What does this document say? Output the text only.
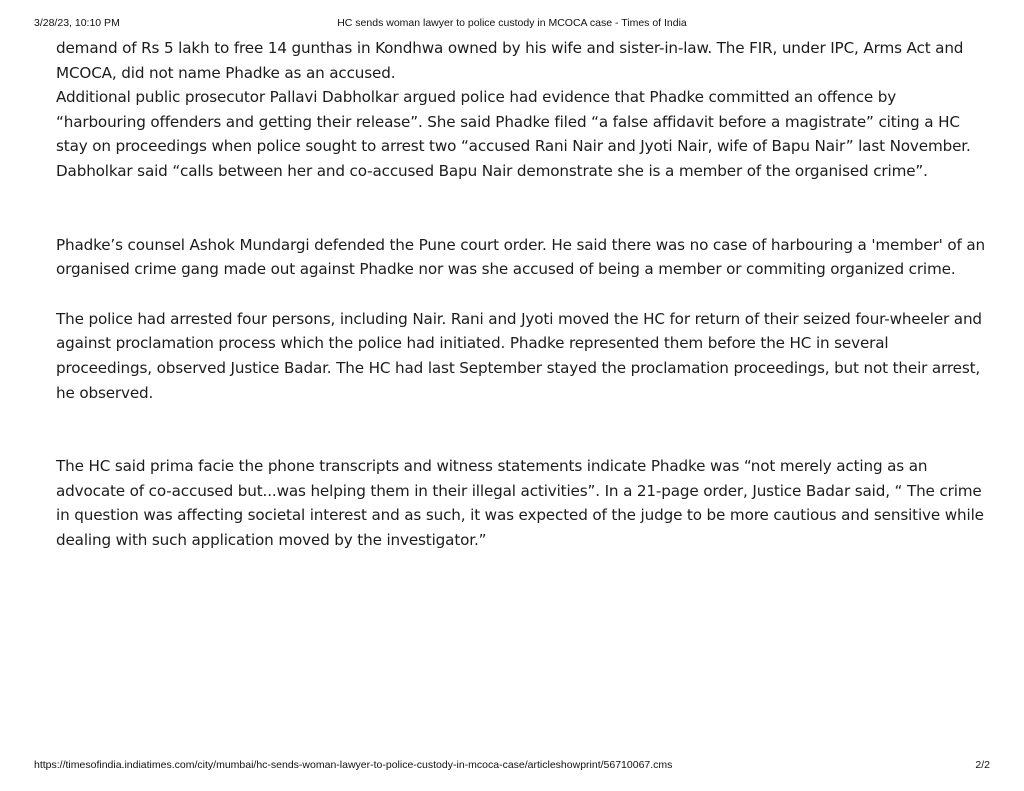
3/28/23, 10:10 PM	HC sends woman lawyer to police custody in MCOCA case - Times of India

demand of Rs 5 lakh to free 14 gunthas in Kondhwa owned by his wife and sister-in-law. The FIR, under IPC, Arms Act and MCOCA, did not name Phadke as an accused.

Additional public prosecutor Pallavi Dabholkar argued police had evidence that Phadke committed an offence by “harbouring offenders and getting their release”. She said Phadke filed “a false affidavit before a magistrate” citing a HC stay on proceedings when police sought to arrest two “accused Rani Nair and Jyoti Nair, wife of Bapu Nair” last November. Dabholkar said “calls between her and co-accused Bapu Nair demonstrate she is a member of the organised crime”.

Phadke’s counsel Ashok Mundargi defended the Pune court order. He said there was no case of harbouring a 'member' of an organised crime gang made out against Phadke nor was she accused of being a member or commiting organized crime.

The police had arrested four persons, including Nair. Rani and Jyoti moved the HC for return of their seized four-wheeler and against proclamation process which the police had initiated. Phadke represented them before the HC in several proceedings, observed Justice Badar. The HC had last September stayed the proclamation proceedings, but not their arrest, he observed.

The HC said prima facie the phone transcripts and witness statements indicate Phadke was “not merely acting as an advocate of co-accused but...was helping them in their illegal activities”. In a 21-page order, Justice Badar said, “ The crime in question was affecting societal interest and as such, it was expected of the judge to be more cautious and sensitive while dealing with such application moved by the investigator.”

https://timesofindia.indiatimes.com/city/mumbai/hc-sends-woman-lawyer-to-police-custody-in-mcoca-case/articleshowprint/56710067.cms	2/2
